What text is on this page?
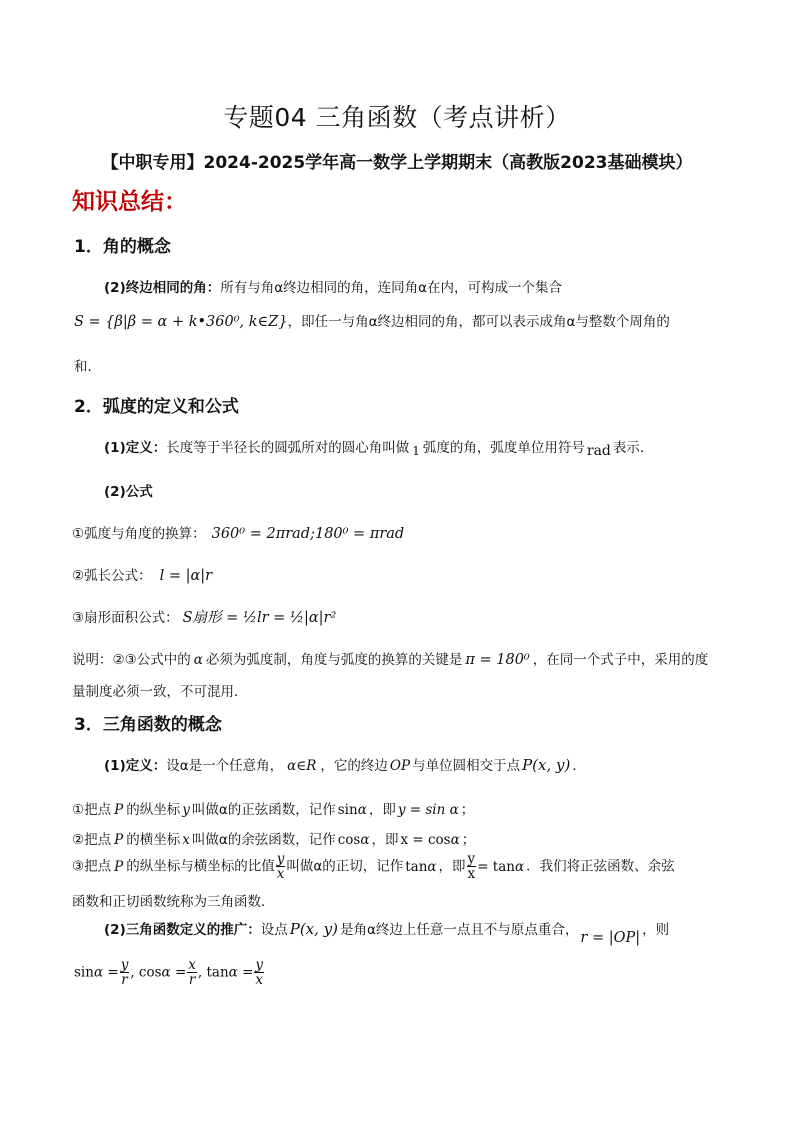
专题04 三角函数（考点讲析）
【中职专用】2024-2025学年高一数学上学期期末（高教版2023基础模块）
知识总结：
1．角的概念
(2)终边相同的角：所有与角α终边相同的角，连同角α在内，可构成一个集合
S = {β|β = α + k•360⁰, k∈Z}，即任一与角α终边相同的角，都可以表示成角α与整数个周角的
和．
2．弧度的定义和公式
(1)定义：长度等于半径长的圆弧所对的圆心角叫做 1 弧度的角，弧度单位用符号 rad 表示．
(2)公式
①弧度与角度的换算： 360⁰ = 2πrad;180⁰ = πrad
②弧长公式： l = |α|r
③扇形面积公式： S扇形 = ½lr = ½|α|r²
说明：②③公式中的 α 必须为弧度制，角度与弧度的换算的关键是 π = 180⁰ ，在同一个式子中，采用的度
量制度必须一致，不可混用．
3．三角函数的概念
(1)定义：设α是一个任意角， α∈R ，它的终边 OP 与单位圆相交于点 P(x, y) ．
①把点 P 的纵坐标 y 叫做α的正弦函数，记作 sinα ，即 y = sin α ；
②把点 P 的横坐标 x 叫做α的余弦函数，记作 cosα ，即 x = cosα ；
③把点 P 的纵坐标与横坐标的比值 $\frac{y}{x}$ 叫做α的正切，记作 tanα ，即 $\frac{y}{x} = \tan\alpha$ ．我们将正弦函数、余弦
函数和正切函数统称为三角函数．
(2)三角函数定义的推广：设点 P(x, y) 是角α终边上任意一点且不与原点重合， r = |OP| ，则
$\sin\alpha = \frac{y}{r}$ , $\cos\alpha = \frac{x}{r}$ , $\tan\alpha = \frac{y}{x}$
